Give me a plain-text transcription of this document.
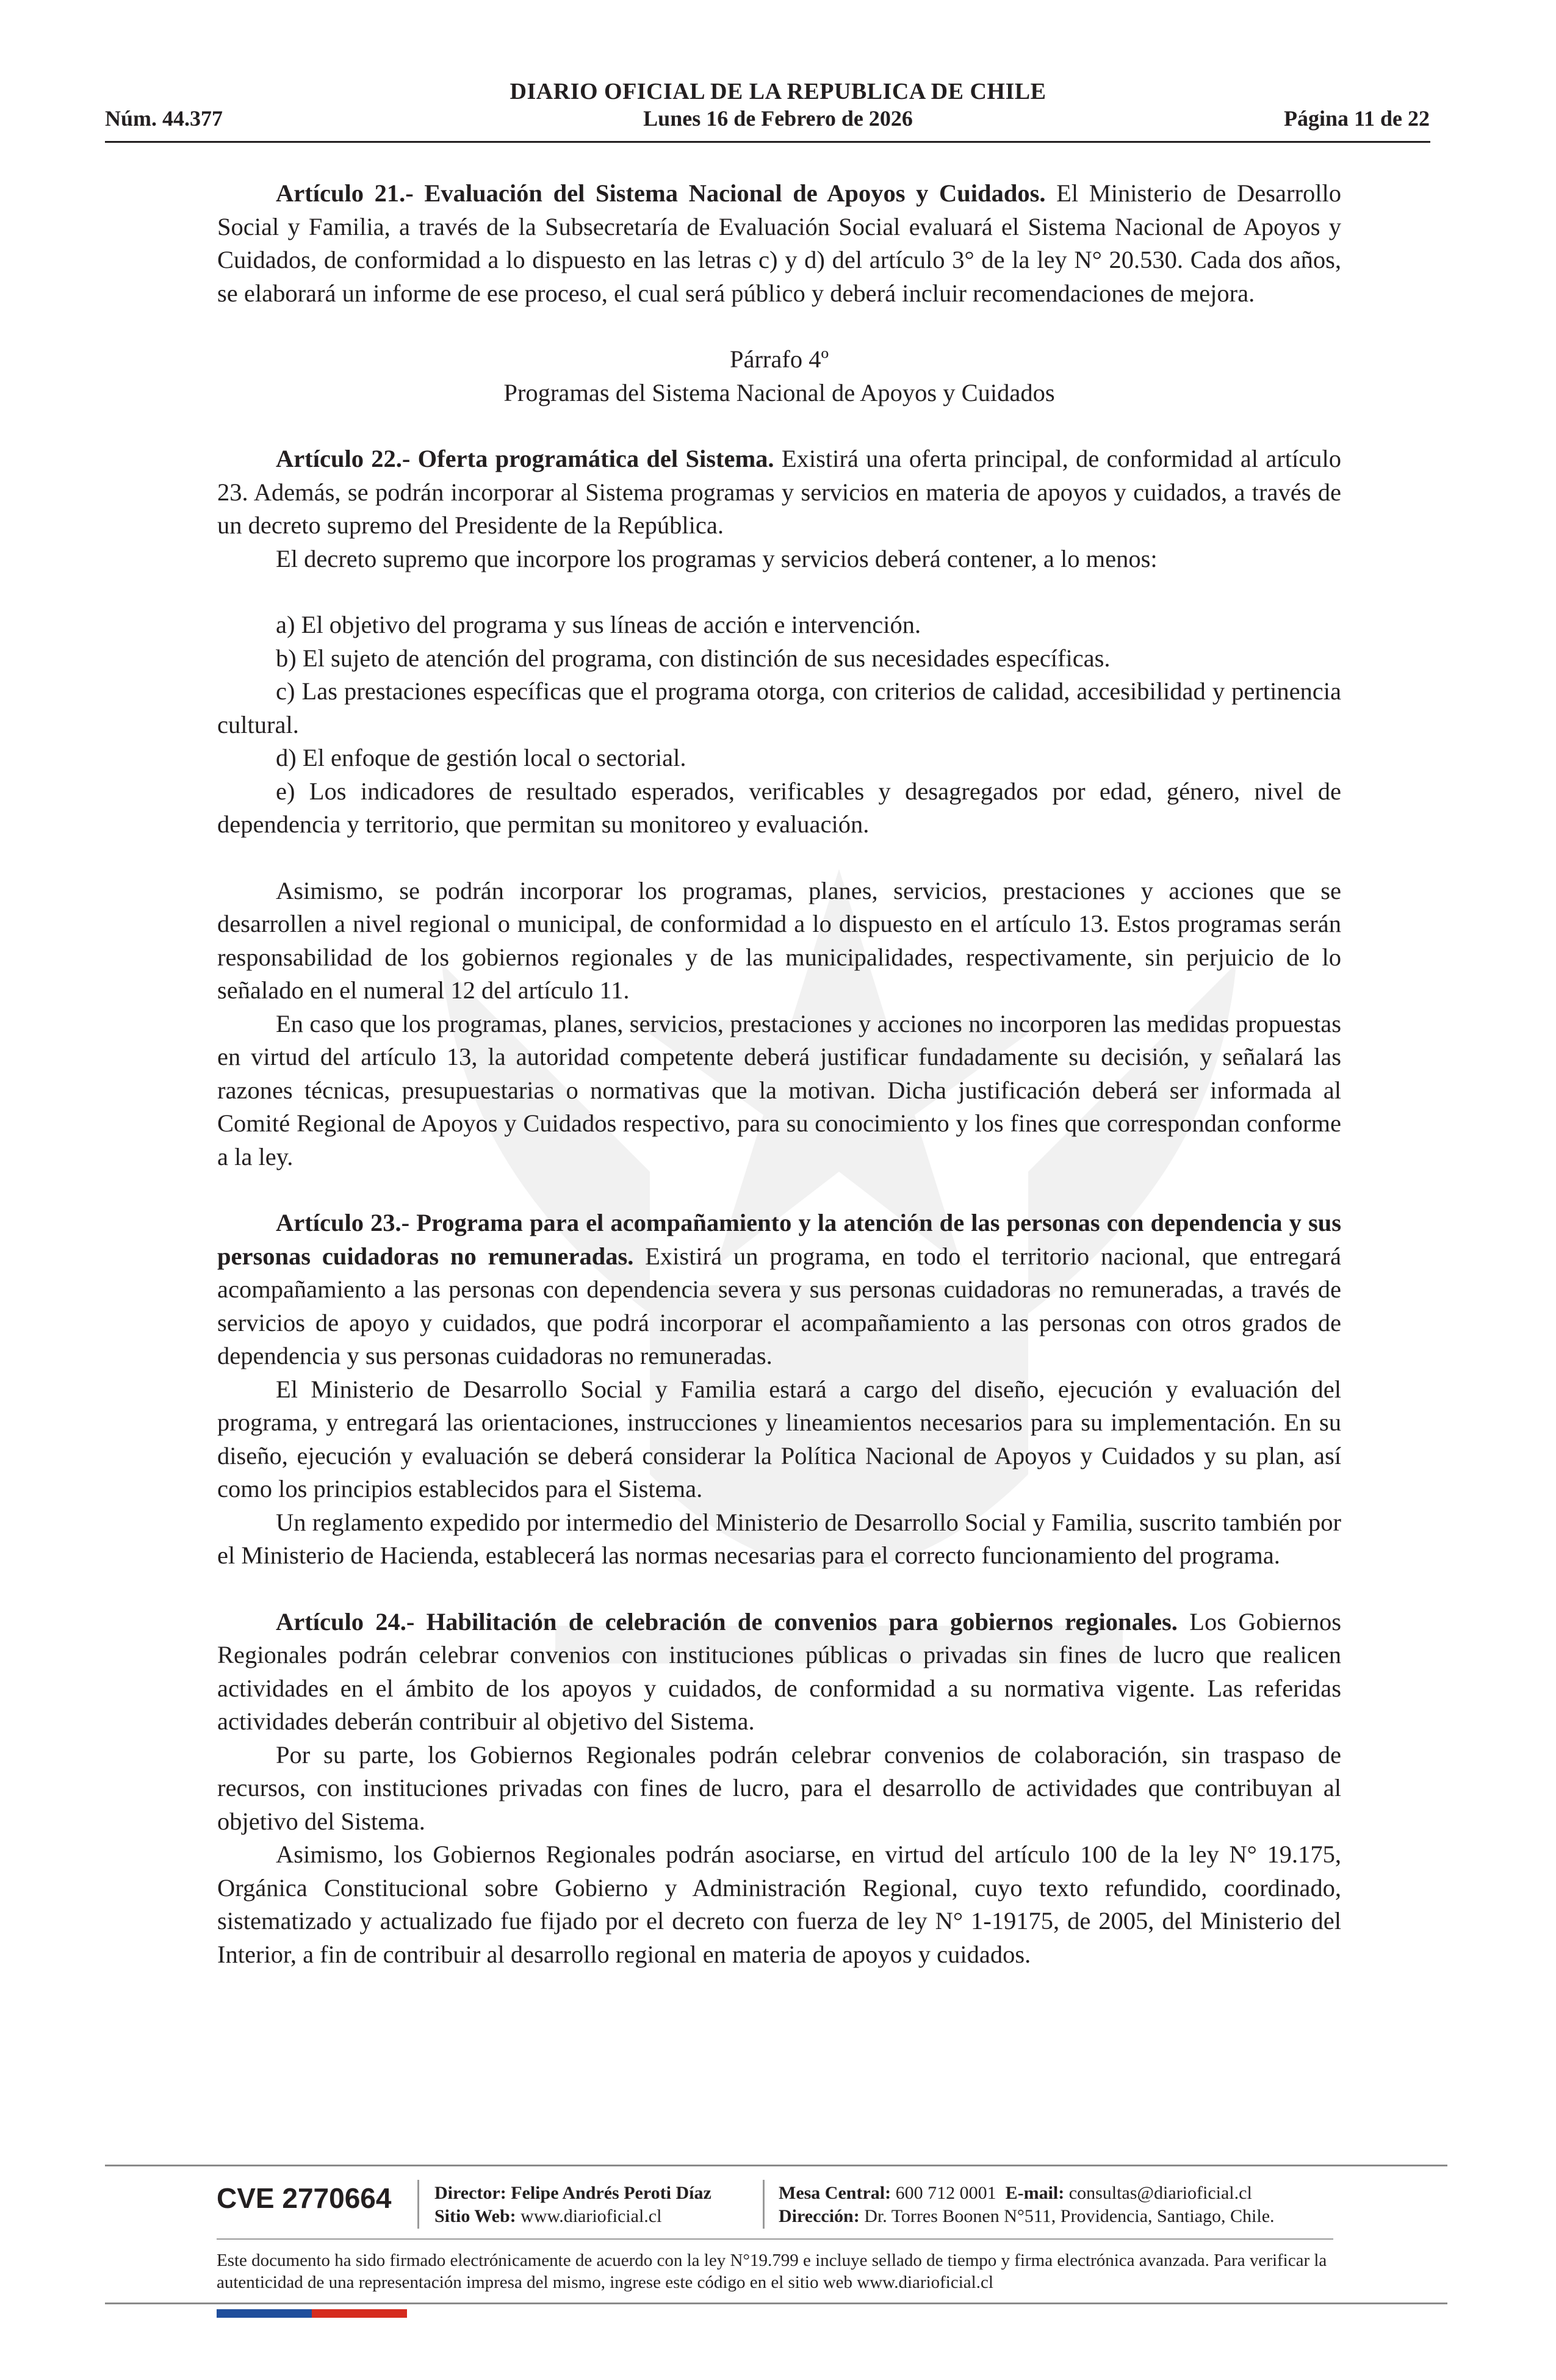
DIARIO OFICIAL DE LA REPUBLICA DE CHILE
Núm. 44.377	Lunes 16 de Febrero de 2026	Página 11 de 22

Artículo 21.- Evaluación del Sistema Nacional de Apoyos y Cuidados. El Ministerio de Desarrollo Social y Familia, a través de la Subsecretaría de Evaluación Social evaluará el Sistema Nacional de Apoyos y Cuidados, de conformidad a lo dispuesto en las letras c) y d) del artículo 3° de la ley N° 20.530. Cada dos años, se elaborará un informe de ese proceso, el cual será público y deberá incluir recomendaciones de mejora.

Párrafo 4º

Programas del Sistema Nacional de Apoyos y Cuidados

Artículo 22.- Oferta programática del Sistema. Existirá una oferta principal, de conformidad al artículo 23. Además, se podrán incorporar al Sistema programas y servicios en materia de apoyos y cuidados, a través de un decreto supremo del Presidente de la República.

El decreto supremo que incorpore los programas y servicios deberá contener, a lo menos:

a) El objetivo del programa y sus líneas de acción e intervención.

b) El sujeto de atención del programa, con distinción de sus necesidades específicas.

c) Las prestaciones específicas que el programa otorga, con criterios de calidad, accesibilidad y pertinencia cultural.

d) El enfoque de gestión local o sectorial.

e) Los indicadores de resultado esperados, verificables y desagregados por edad, género, nivel de dependencia y territorio, que permitan su monitoreo y evaluación.

Asimismo, se podrán incorporar los programas, planes, servicios, prestaciones y acciones que se desarrollen a nivel regional o municipal, de conformidad a lo dispuesto en el artículo 13. Estos programas serán responsabilidad de los gobiernos regionales y de las municipalidades, respectivamente, sin perjuicio de lo señalado en el numeral 12 del artículo 11.

En caso que los programas, planes, servicios, prestaciones y acciones no incorporen las medidas propuestas en virtud del artículo 13, la autoridad competente deberá justificar fundadamente su decisión, y señalará las razones técnicas, presupuestarias o normativas que la motivan. Dicha justificación deberá ser informada al Comité Regional de Apoyos y Cuidados respectivo, para su conocimiento y los fines que correspondan conforme a la ley.

Artículo 23.- Programa para el acompañamiento y la atención de las personas con dependencia y sus personas cuidadoras no remuneradas. Existirá un programa, en todo el territorio nacional, que entregará acompañamiento a las personas con dependencia severa y sus personas cuidadoras no remuneradas, a través de servicios de apoyo y cuidados, que podrá incorporar el acompañamiento a las personas con otros grados de dependencia y sus personas cuidadoras no remuneradas.

El Ministerio de Desarrollo Social y Familia estará a cargo del diseño, ejecución y evaluación del programa, y entregará las orientaciones, instrucciones y lineamientos necesarios para su implementación. En su diseño, ejecución y evaluación se deberá considerar la Política Nacional de Apoyos y Cuidados y su plan, así como los principios establecidos para el Sistema.

Un reglamento expedido por intermedio del Ministerio de Desarrollo Social y Familia, suscrito también por el Ministerio de Hacienda, establecerá las normas necesarias para el correcto funcionamiento del programa.

Artículo 24.- Habilitación de celebración de convenios para gobiernos regionales. Los Gobiernos Regionales podrán celebrar convenios con instituciones públicas o privadas sin fines de lucro que realicen actividades en el ámbito de los apoyos y cuidados, de conformidad a su normativa vigente. Las referidas actividades deberán contribuir al objetivo del Sistema.

Por su parte, los Gobiernos Regionales podrán celebrar convenios de colaboración, sin traspaso de recursos, con instituciones privadas con fines de lucro, para el desarrollo de actividades que contribuyan al objetivo del Sistema.

Asimismo, los Gobiernos Regionales podrán asociarse, en virtud del artículo 100 de la ley N° 19.175, Orgánica Constitucional sobre Gobierno y Administración Regional, cuyo texto refundido, coordinado, sistematizado y actualizado fue fijado por el decreto con fuerza de ley N° 1-19175, de 2005, del Ministerio del Interior, a fin de contribuir al desarrollo regional en materia de apoyos y cuidados.

CVE 2770664 Director: Felipe Andrés Peroti Díaz
Sitio Web: www.diarioficial.cl
Mesa Central: 600 712 0001 E-mail: consultas@diarioficial.cl
Dirección: Dr. Torres Boonen N°511, Providencia, Santiago, Chile.
Este documento ha sido firmado electrónicamente de acuerdo con la ley N°19.799 e incluye sellado de tiempo y firma electrónica avanzada. Para verificar la autenticidad de una representación impresa del mismo, ingrese este código en el sitio web www.diarioficial.cl
